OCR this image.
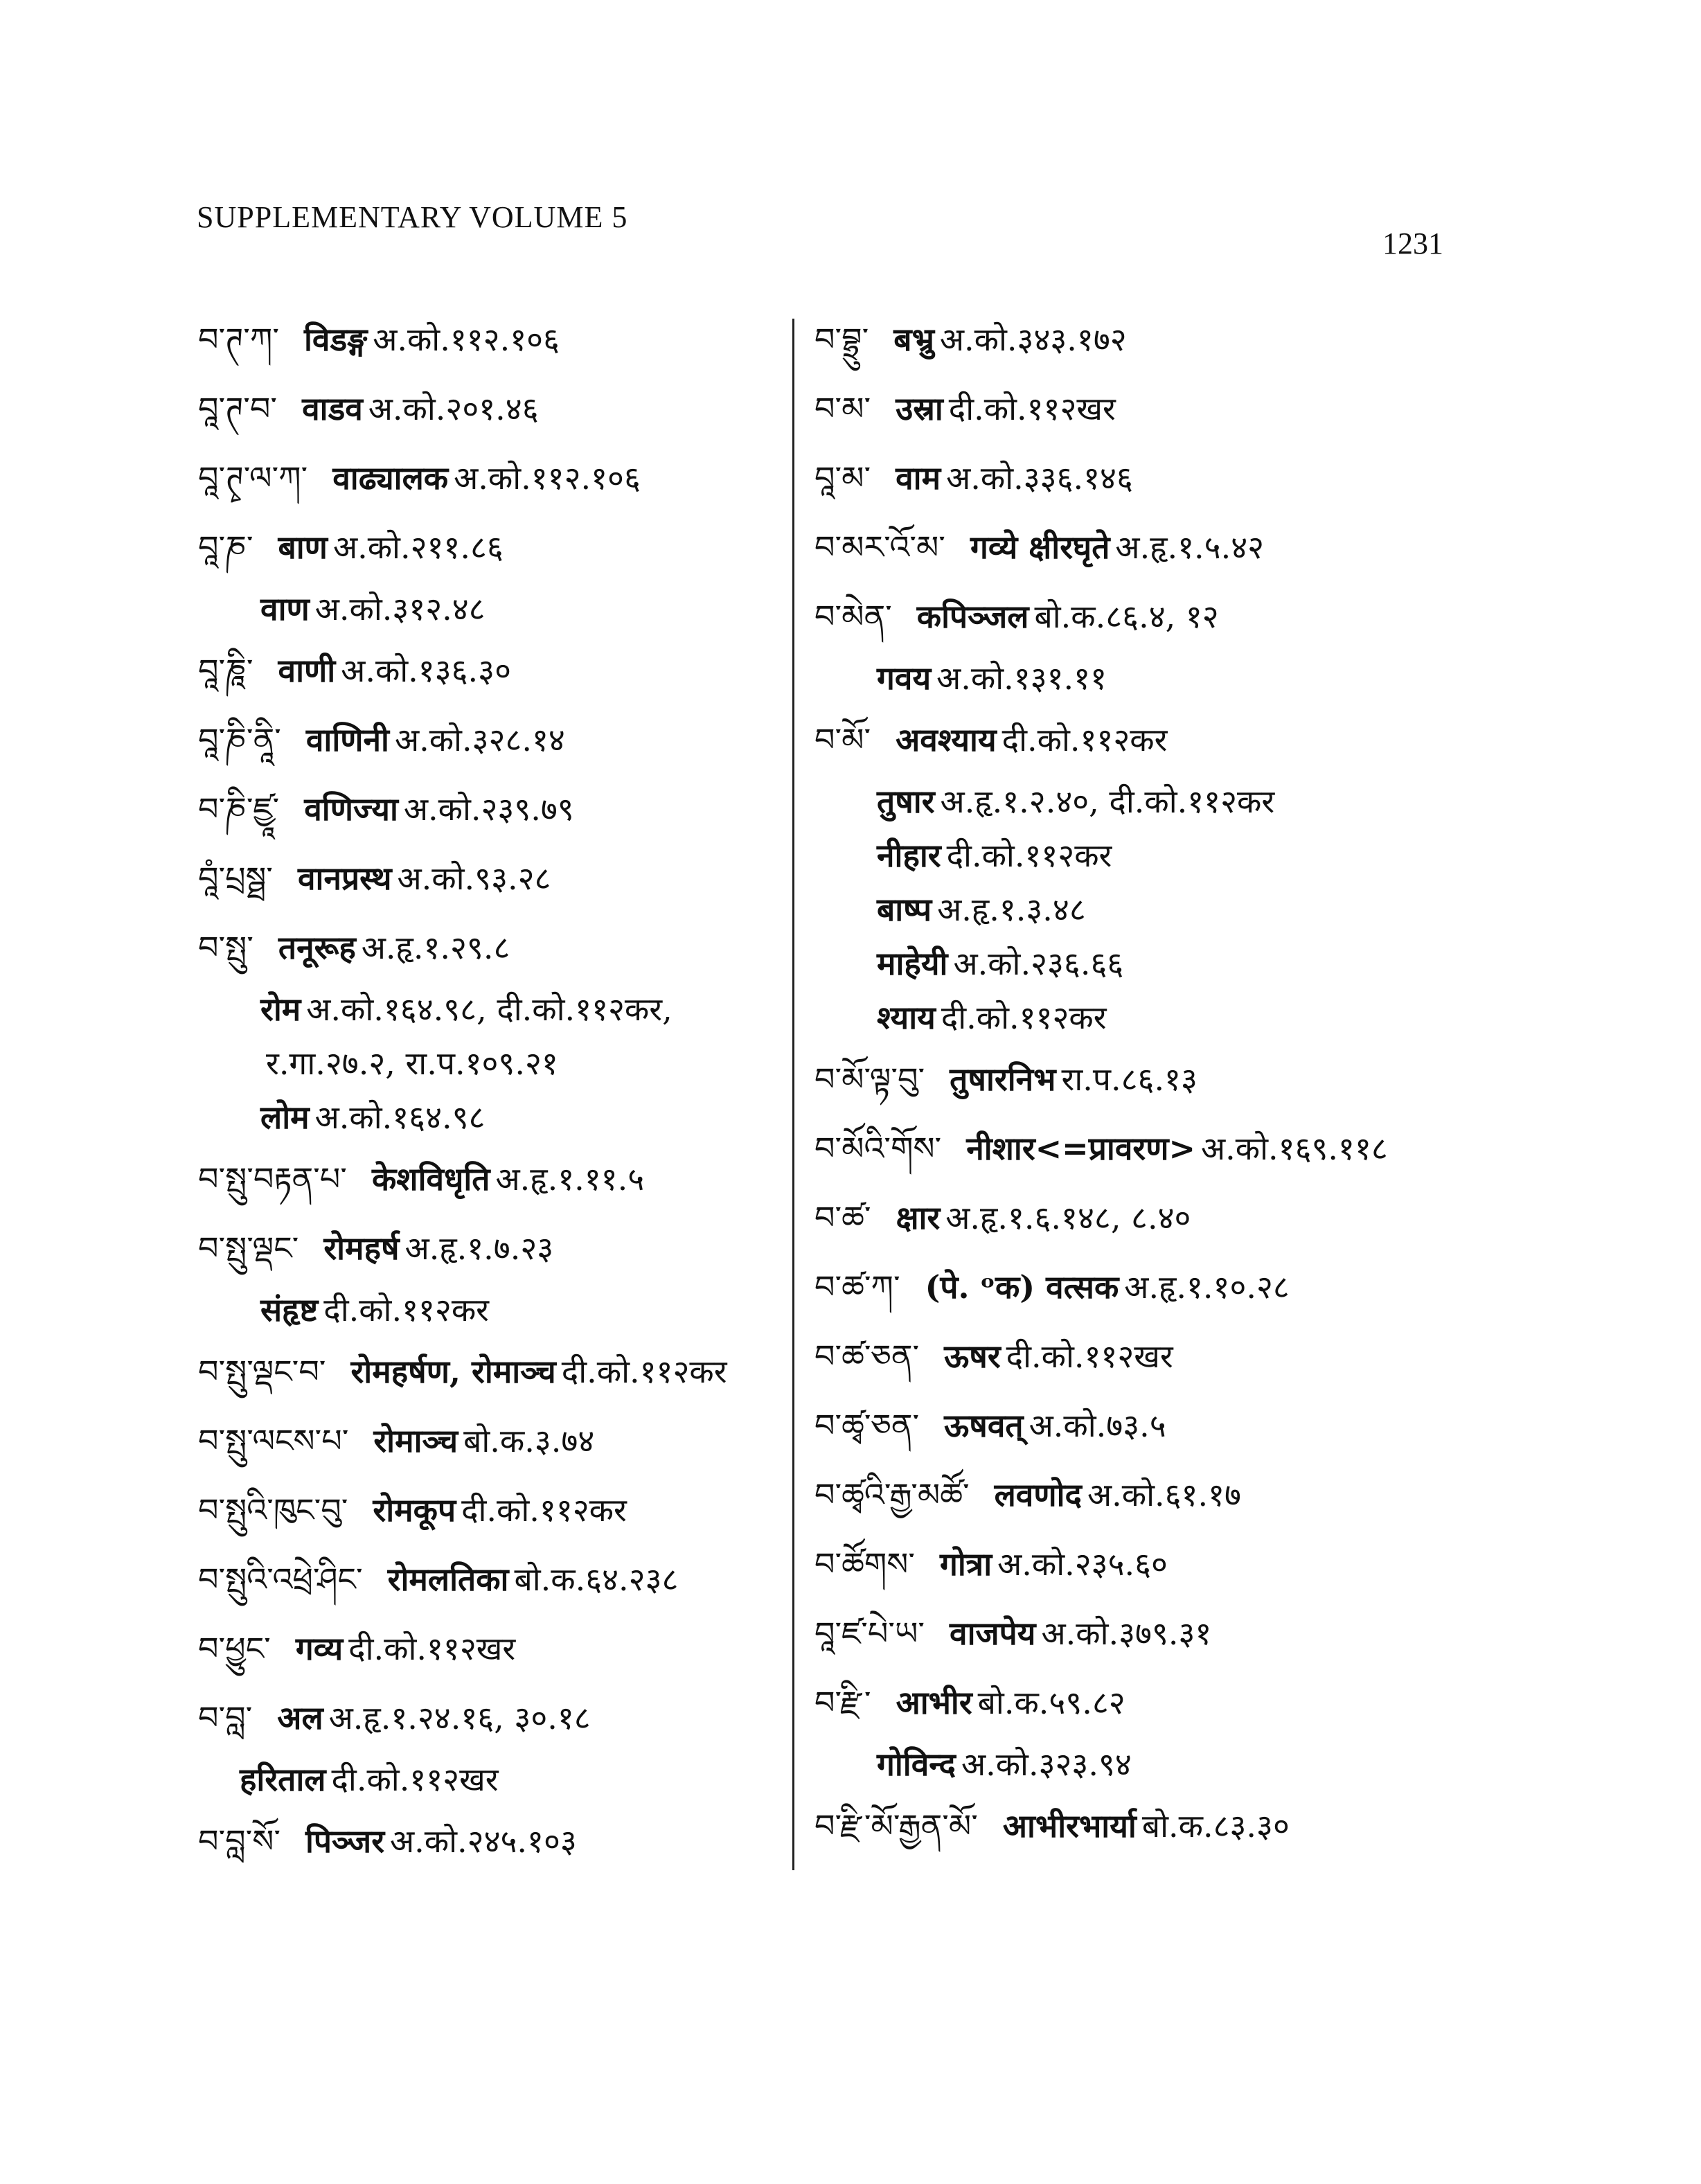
SUPPLEMENTARY VOLUME 5
1231
བ་ཊ་ཀ་ विडङ्ग अ.को.११२.१०६
བཱ་ཊ་བ་ वाडव अ.को.२०१.४६
བཱ་ཊྭ་ལ་ཀ་ वाढ्यालक अ.को.११२.१०६
བཱ་ཎ་ बाण अ.को.२११.८६
वाण अ.को.३१२.४८
བཱ་ཎཱི་ वाणी अ.को.१३६.३०
བཱ་ཎི་ནཱི་ वाणिनी अ.को.३२८.१४
བ་ཎི་ཛྱཱ་ वणिज्या अ.को.२३९.७९
བཱཾ་པྲསྠ་ वानप्रस्थ अ.को.९३.२८
བ་སྤུ་ तनूरूह अ.हृ.१.२९.८
रोम अ.को.१६४.९८, दी.को.११२कर,
र.गा.२७.२, रा.प.१०९.२१
लोम अ.को.१६४.९८
བ་སྤུ་བརྟན་པ་ केशविधृति अ.हृ.१.११.५
བ་སྤུ་ལྡང་ रोमहर्ष अ.हृ.१.७.२३
संहृष्ट दी.को.११२कर
བ་སྤུ་ལྡང་བ་ रोमहर्षण, रोमाञ्च दी.को.११२कर
བ་སྤུ་ལངས་པ་ रोमाञ्च बो.क.३.७४
བ་སྤུའི་ཁུང་བུ་ रोमकूप दी.को.११२कर
བ་སྤུའི་འཕྲེ་ཤིང་ रोमलतिका बो.क.६४.२३८
བ་ཕྱུང་ गव्य दी.को.११२खर
བ་བླ་ अल अ.हृ.१.२४.१६, ३०.१८
हरिताल दी.को.११२खर
བ་བླ་སོ་ पिञ्जर अ.को.२४५.१०३
བ་བྷྲུ་ बभ्रु अ.को.३४३.१७२
བ་མ་ उस्रा दी.को.११२खर
བཱ་མ་ वाम अ.को.३३६.१४६
བ་མར་འོ་མ་ गव्ये क्षीरघृते अ.हृ.१.५.४२
བ་མེན་ कपिञ्जल बो.क.८६.४, १२
गवय अ.को.१३१.११
བ་མོ་ अवश्याय दी.को.११२कर
तुषार अ.हृ.१.२.४०, दी.को.११२कर
नीहार दी.को.११२कर
बाष्प अ.हृ.१.३.४८
माहेयी अ.को.२३६.६६
श्याय दी.को.११२कर
བ་མོ་ལྟ་བུ་ तुषारनिभ रा.प.८६.१३
བ་མོའི་གོས་ नीशार<=प्रावरण> अ.को.१६९.११८
བ་ཚ་ क्षार अ.हृ.१.६.१४८, ८.४०
བ་ཚ་ཀ་ (पे. ᵒक) वत्सक अ.हृ.१.१०.२८
བ་ཚ་ཅན་ ऊषर दी.को.११२खर
བ་ཚྭ་ཅན་ ऊषवत् अ.को.७३.५
བ་ཚྭའི་རྒྱ་མཚོ་ लवणोद अ.को.६१.१७
བ་ཚོགས་ गोत्रा अ.को.२३५.६०
བཱ་ཛ་པེ་ཡ་ वाजपेय अ.को.३७९.३१
བ་རྫི་ आभीर बो.क.५९.८२
गोविन्द अ.को.३२३.९४
བ་རྫི་མོ་རྒྱན་མོ་ आभीरभार्या बो.क.८३.३०
